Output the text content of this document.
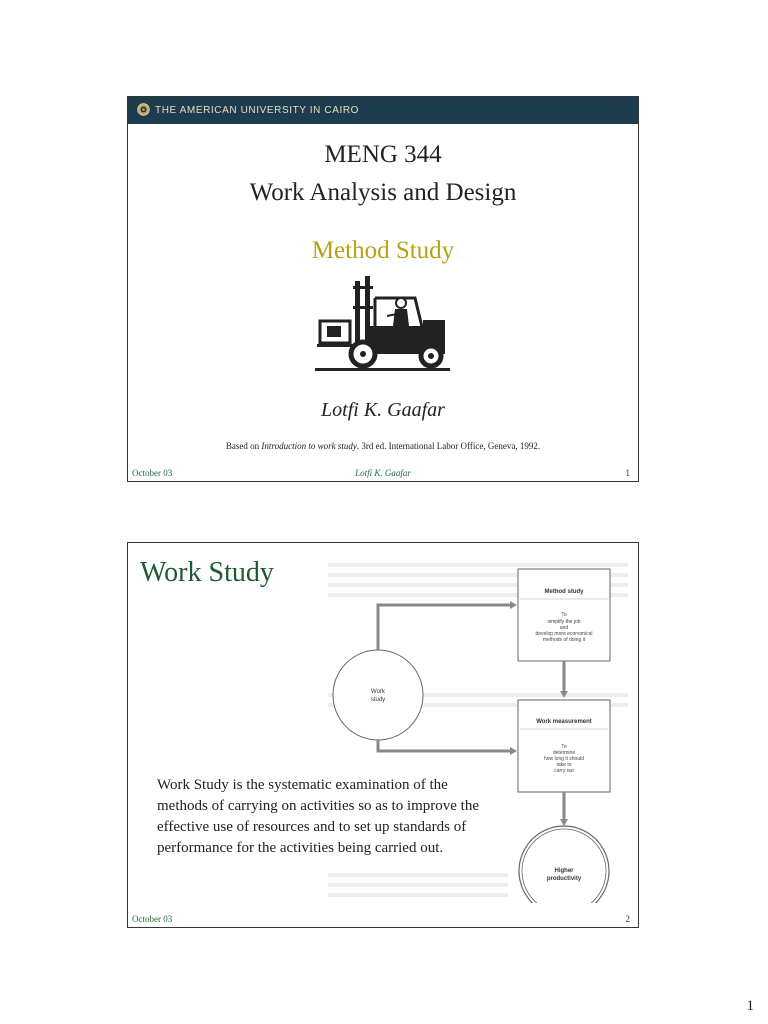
THE AMERICAN UNIVERSITY IN CAIRO
MENG 344
Work Analysis and Design
Method Study
Lotfi K. Gaafar
Based on Introduction to work study. 3rd ed. International Labor Office, Geneva, 1992.
October 03	Lotfi K. Gaafar	1
Work Study
Work
study
Method study
To
simplify the job
and
develop more economical
methods of doing it
Work measurement
To
determine
how long it should
take to
carry out
Higher
productivity
Work Study is the systematic examination of the methods of carrying on activities so as to improve the effective use of resources and to set up standards of performance for the activities being carried out.
October 03	2
1
